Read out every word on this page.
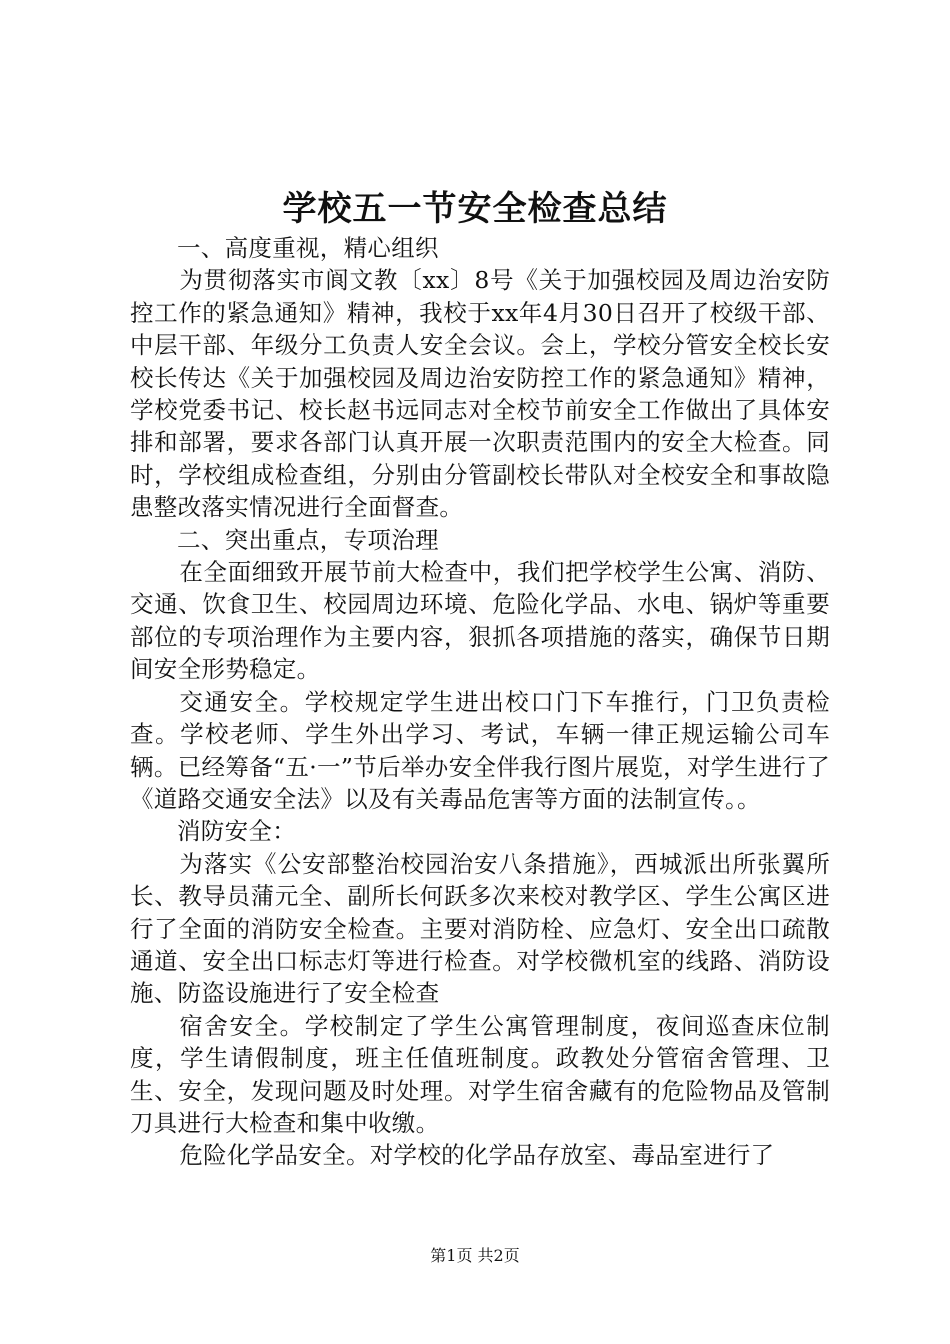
学校五一节安全检查总结

一、高度重视，精心组织

为贯彻落实市阆文教〔xx〕8号《关于加强校园及周边治安防控工作的紧急通知》精神，我校于xx年4月30日召开了校级干部、中层干部、年级分工负责人安全会议。会上，学校分管安全校长安校长传达《关于加强校园及周边治安防控工作的紧急通知》精神，学校党委书记、校长赵书远同志对全校节前安全工作做出了具体安排和部署，要求各部门认真开展一次职责范围内的安全大检查。同时，学校组成检查组，分别由分管副校长带队对全校安全和事故隐患整改落实情况进行全面督查。

二、突出重点，专项治理

在全面细致开展节前大检查中，我们把学校学生公寓、消防、交通、饮食卫生、校园周边环境、危险化学品、水电、锅炉等重要部位的专项治理作为主要内容，狠抓各项措施的落实，确保节日期间安全形势稳定。

交通安全。学校规定学生进出校口门下车推行，门卫负责检查。学校老师、学生外出学习、考试，车辆一律正规运输公司车辆。已经筹备“五·一”节后举办安全伴我行图片展览，对学生进行了《道路交通安全法》以及有关毒品危害等方面的法制宣传。。

消防安全：

为落实《公安部整治校园治安八条措施》，西城派出所张翼所长、教导员蒲元全、副所长何跃多次来校对教学区、学生公寓区进行了全面的消防安全检查。主要对消防栓、应急灯、安全出口疏散通道、安全出口标志灯等进行检查。对学校微机室的线路、消防设施、防盗设施进行了安全检查

宿舍安全。学校制定了学生公寓管理制度，夜间巡查床位制度，学生请假制度，班主任值班制度。政教处分管宿舍管理、卫生、安全，发现问题及时处理。对学生宿舍藏有的危险物品及管制刀具进行大检查和集中收缴。

危险化学品安全。对学校的化学品存放室、毒品室进行了

第1页 共2页
